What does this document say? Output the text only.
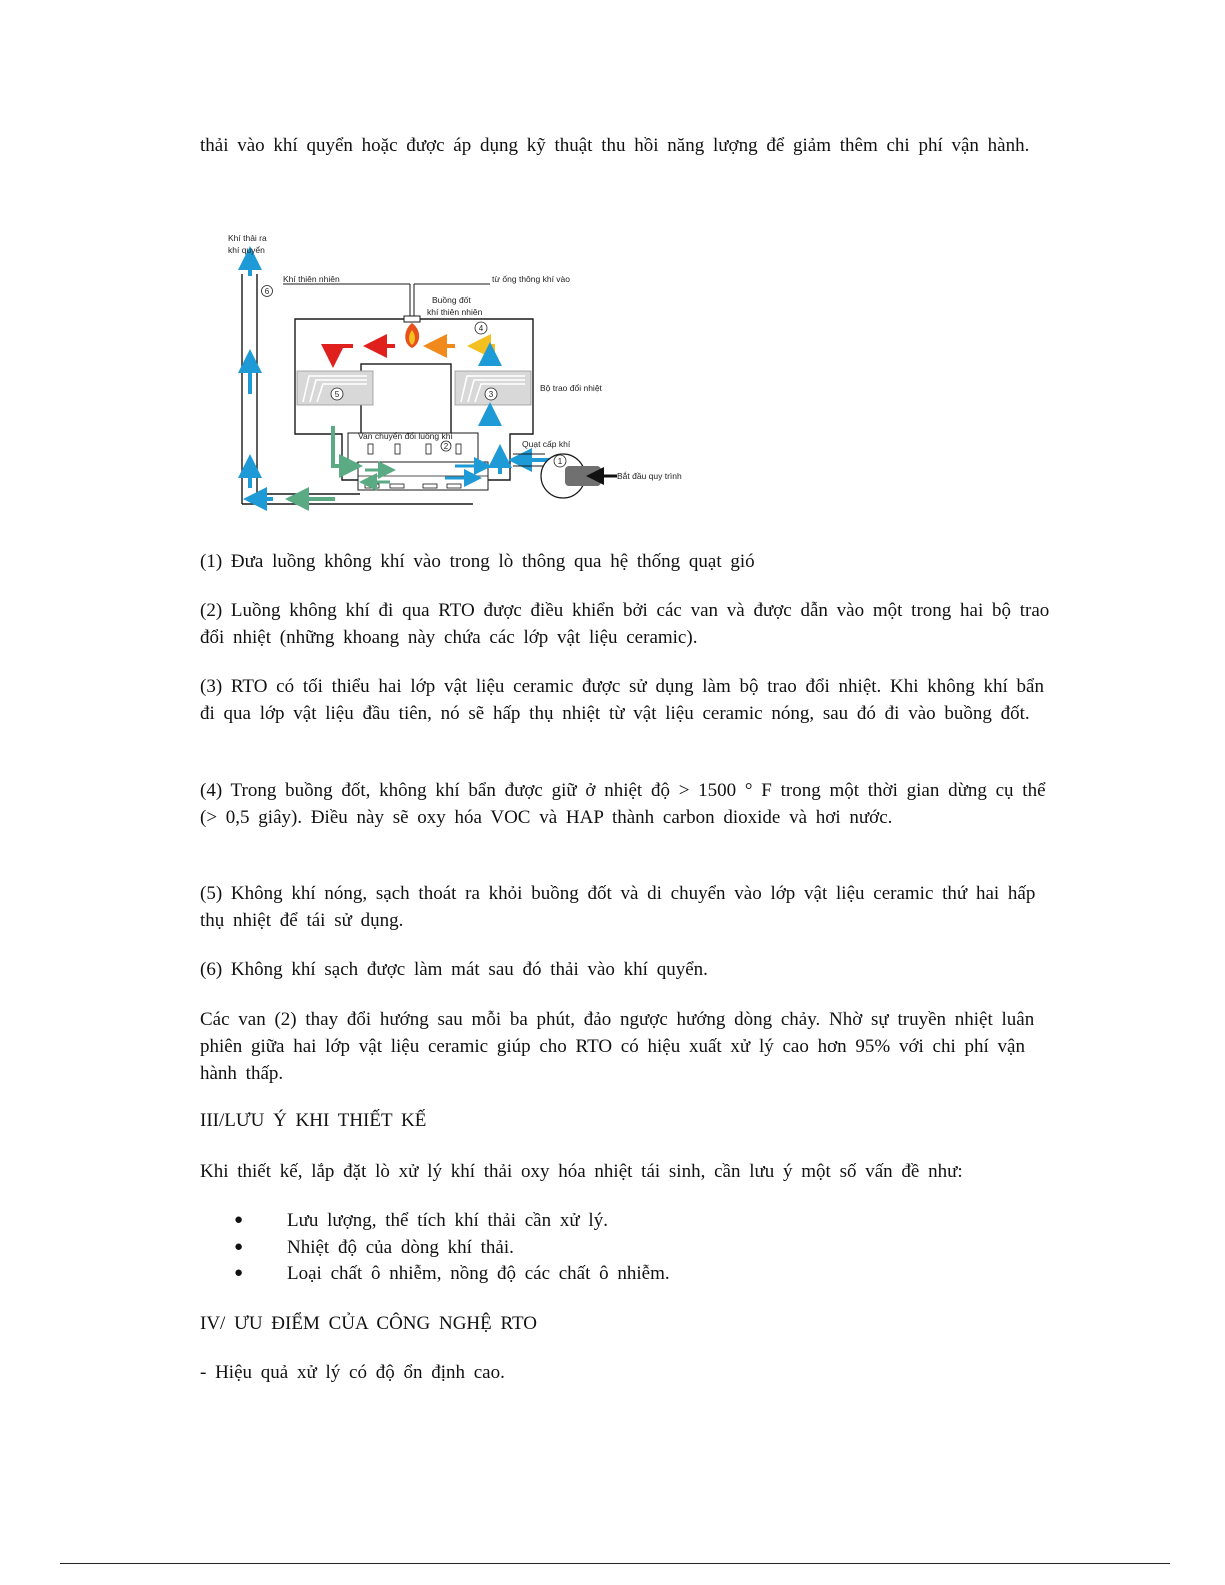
thải vào khí quyển hoặc được áp dụng kỹ thuật thu hồi năng lượng để giảm thêm chi phí vận hành.

6
4
5	3
2
1
Khí thải ra
khí quyển
Khí thiên nhiên	từ ống thông khí vào
Buồng đốt
khí thiên nhiên
Bộ trao đổi nhiệt
Van chuyển đổi luồng khí
Quạt cấp khí
Bắt đầu quy trình

(1) Đưa luồng không khí vào trong lò thông qua hệ thống quạt gió

(2) Luồng không khí đi qua RTO được điều khiển bởi các van và được dẫn vào một trong hai bộ trao đổi nhiệt (những khoang này chứa các lớp vật liệu ceramic).

(3) RTO có tối thiểu hai lớp vật liệu ceramic được sử dụng làm bộ trao đổi nhiệt. Khi không khí bẩn đi qua lớp vật liệu đầu tiên, nó sẽ hấp thụ nhiệt từ vật liệu ceramic nóng, sau đó đi vào buồng đốt.

(4) Trong buồng đốt, không khí bẩn được giữ ở nhiệt độ > 1500 ° F trong một thời gian dừng cụ thể (> 0,5 giây). Điều này sẽ oxy hóa VOC và HAP thành carbon dioxide và hơi nước.

(5) Không khí nóng, sạch thoát ra khỏi buồng đốt và di chuyển vào lớp vật liệu ceramic thứ hai hấp thụ nhiệt để tái sử dụng.

(6) Không khí sạch được làm mát sau đó thải vào khí quyển.

Các van (2) thay đổi hướng sau mỗi ba phút, đảo ngược hướng dòng chảy. Nhờ sự truyền nhiệt luân phiên giữa hai lớp vật liệu ceramic giúp cho RTO có hiệu xuất xử lý cao hơn 95% với chi phí vận hành thấp.

III/LƯU Ý KHI THIẾT KẾ

Khi thiết kế, lắp đặt lò xử lý khí thải oxy hóa nhiệt tái sinh, cần lưu ý một số vấn đề như:

● Lưu lượng, thể tích khí thải cần xử lý.
● Nhiệt độ của dòng khí thải.
● Loại chất ô nhiễm, nồng độ các chất ô nhiễm.

IV/ ƯU ĐIỂM CỦA CÔNG NGHỆ RTO

- Hiệu quả xử lý có độ ổn định cao.
